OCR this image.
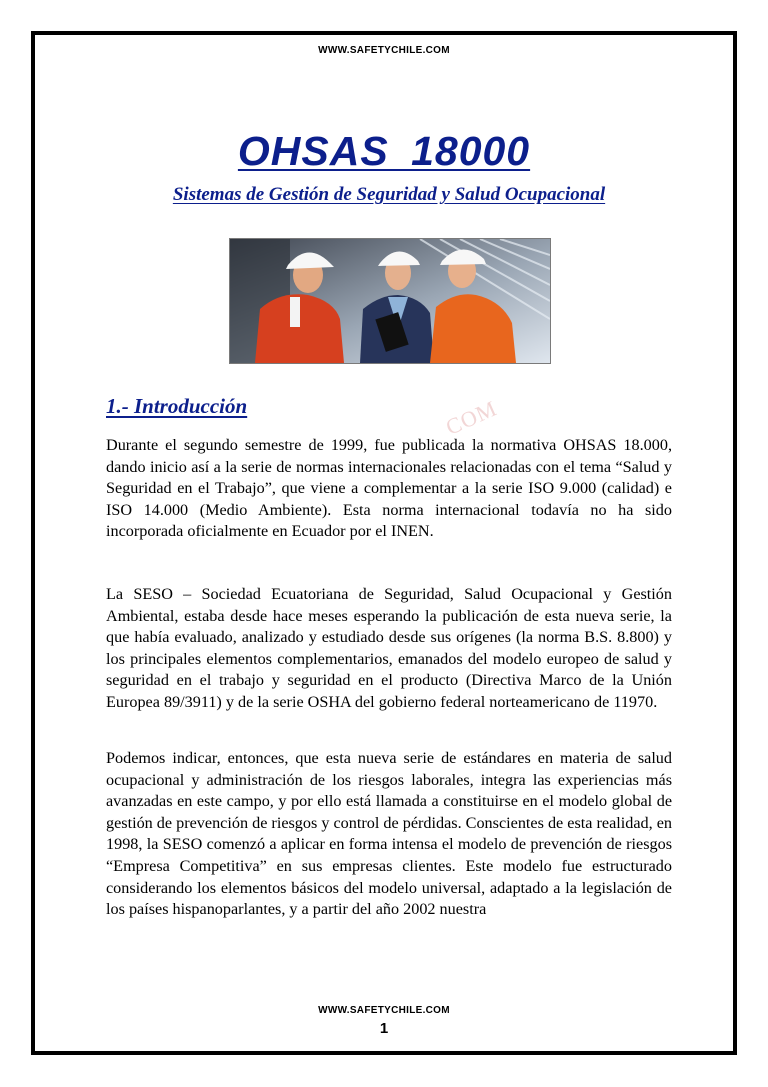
WWW.SAFETYCHILE.COM
OHSAS 18000
Sistemas de Gestión de Seguridad y Salud Ocupacional
COM
1.- Introducción

Durante el segundo semestre de 1999, fue publicada la normativa OHSAS 18.000, dando inicio así a la serie de normas internacionales relacionadas con el tema “Salud y Seguridad en el Trabajo”, que viene a complementar a la serie ISO 9.000 (calidad) e ISO 14.000 (Medio Ambiente). Esta norma internacional todavía no ha sido incorporada oficialmente en Ecuador por el INEN.

La SESO – Sociedad Ecuatoriana de Seguridad, Salud Ocupacional y Gestión Ambiental, estaba desde hace meses esperando la publicación de esta nueva serie, la que había evaluado, analizado y estudiado desde sus orígenes (la norma B.S. 8.800) y los principales elementos complementarios, emanados del modelo europeo de salud y seguridad en el trabajo y seguridad en el producto (Directiva Marco de la Unión Europea 89/3911) y de la serie OSHA del gobierno federal norteamericano de 11970.

Podemos indicar, entonces, que esta nueva serie de estándares en materia de salud ocupacional y administración de los riesgos laborales, integra las experiencias más avanzadas en este campo, y por ello está llamada a constituirse en el modelo global de gestión de prevención de riesgos y control de pérdidas. Conscientes de esta realidad, en 1998, la SESO comenzó a aplicar en forma intensa el modelo de prevención de riesgos “Empresa Competitiva” en sus empresas clientes. Este modelo fue estructurado considerando los elementos básicos del modelo universal, adaptado a la legislación de los países hispanoparlantes, y a partir del año 2002 nuestra

WWW.SAFETYCHILE.COM
1
